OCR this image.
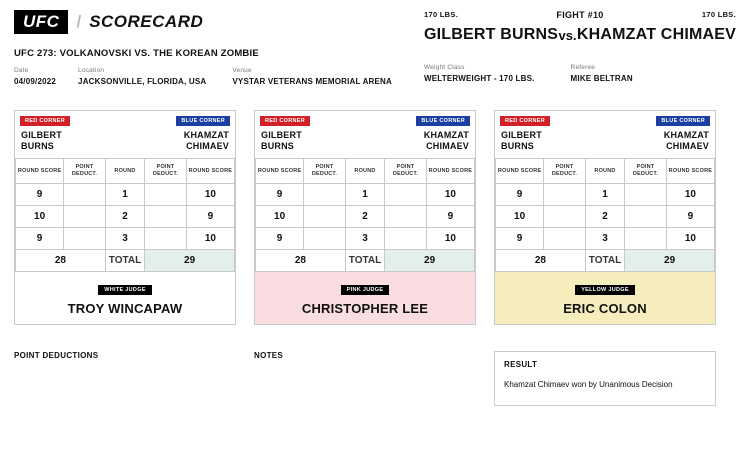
UFC	/ SCORECARD
UFC 273: VOLKANOVSKI VS. THE KOREAN ZOMBIE
Date
04/09/2022
Location
JACKSONVILLE, FLORIDA, USA
Venue
VYSTAR VETERANS MEMORIAL ARENA
170 LBS.	FIGHT #10	170 LBS.
GILBERT BURNS vs. KHAMZAT CHIMAEV
Weight Class
WELTERWEIGHT - 170 LBS.
Referee
MIKE BELTRAN
RED CORNER	BLUE CORNER
GILBERT
BURNS
KHAMZAT
CHIMAEV
ROUND SCORE	POINT DEDUCT.	ROUND	POINT DEDUCT.	ROUND SCORE
9		1		10
10		2		9
9		3		10
28		TOTAL	29	
WHITE JUDGE
TROY WINCAPAW
RED CORNER	BLUE CORNER
GILBERT
BURNS
KHAMZAT
CHIMAEV
ROUND SCORE	POINT DEDUCT.	ROUND	POINT DEDUCT.	ROUND SCORE
9		1		10
10		2		9
9		3		10
28		TOTAL	29	
PINK JUDGE
CHRISTOPHER LEE
RED CORNER	BLUE CORNER
GILBERT
BURNS
KHAMZAT
CHIMAEV
ROUND SCORE	POINT DEDUCT.	ROUND	POINT DEDUCT.	ROUND SCORE
9		1		10
10		2		9
9		3		10
28		TOTAL	29	
YELLOW JUDGE
ERIC COLON
POINT DEDUCTIONS	NOTES
RESULT
Khamzat Chimaev won by Unanimous Decision
